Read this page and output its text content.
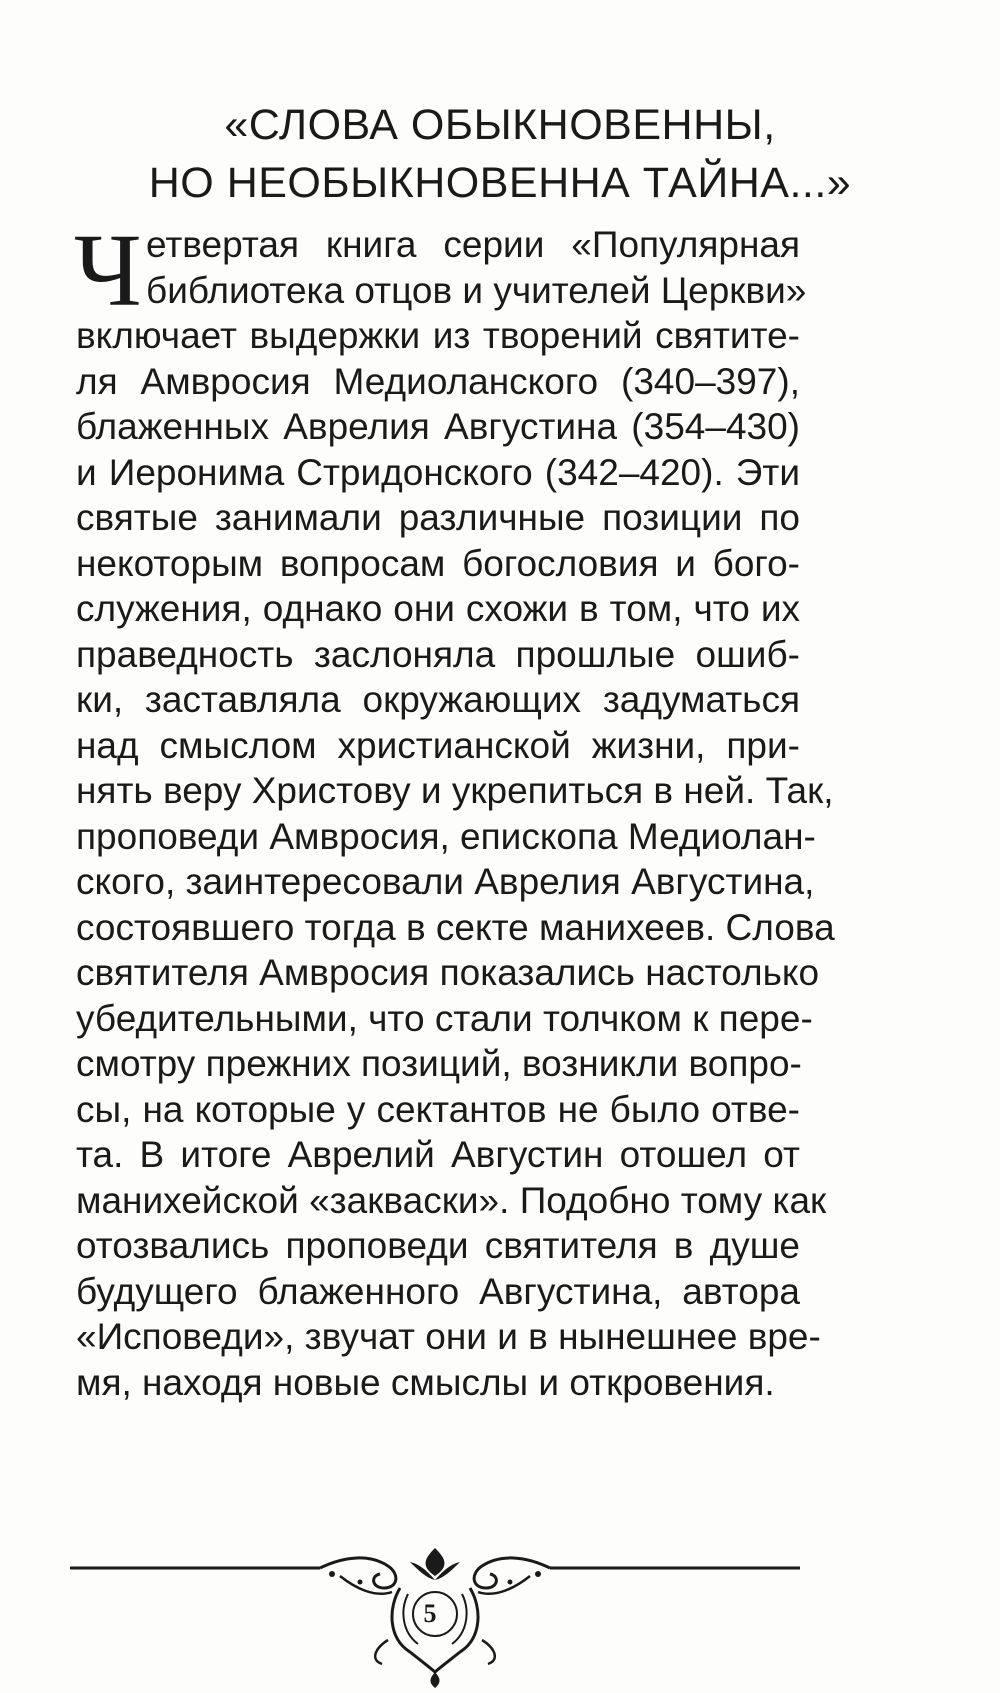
«СЛОВА ОБЫКНОВЕННЫ,
НО НЕОБЫКНОВЕННА ТАЙНА...»
Ч етвертая книга серии «Популярная
библиотека отцов и учителей Церкви»
включает выдержки из творений святите-
ля Амвросия Медиоланского (340–397),
блаженных Аврелия Августина (354–430)
и Иеронима Стридонского (342–420). Эти
святые занимали различные позиции по
некоторым вопросам богословия и бого-
служения, однако они схожи в том, что их
праведность заслоняла прошлые ошиб-
ки, заставляла окружающих задуматься
над смыслом христианской жизни, при-
нять веру Христову и укрепиться в ней. Так,
проповеди Амвросия, епископа Медиолан-
ского, заинтересовали Аврелия Августина,
состоявшего тогда в секте манихеев. Слова
святителя Амвросия показались настолько
убедительными, что стали толчком к пере-
смотру прежних позиций, возникли вопро-
сы, на которые у сектантов не было отве-
та. В итоге Аврелий Августин отошел от
манихейской «закваски». Подобно тому как
отозвались проповеди святителя в душе
будущего блаженного Августина, автора
«Исповеди», звучат они и в нынешнее вре-
мя, находя новые смыслы и откровения.
5
